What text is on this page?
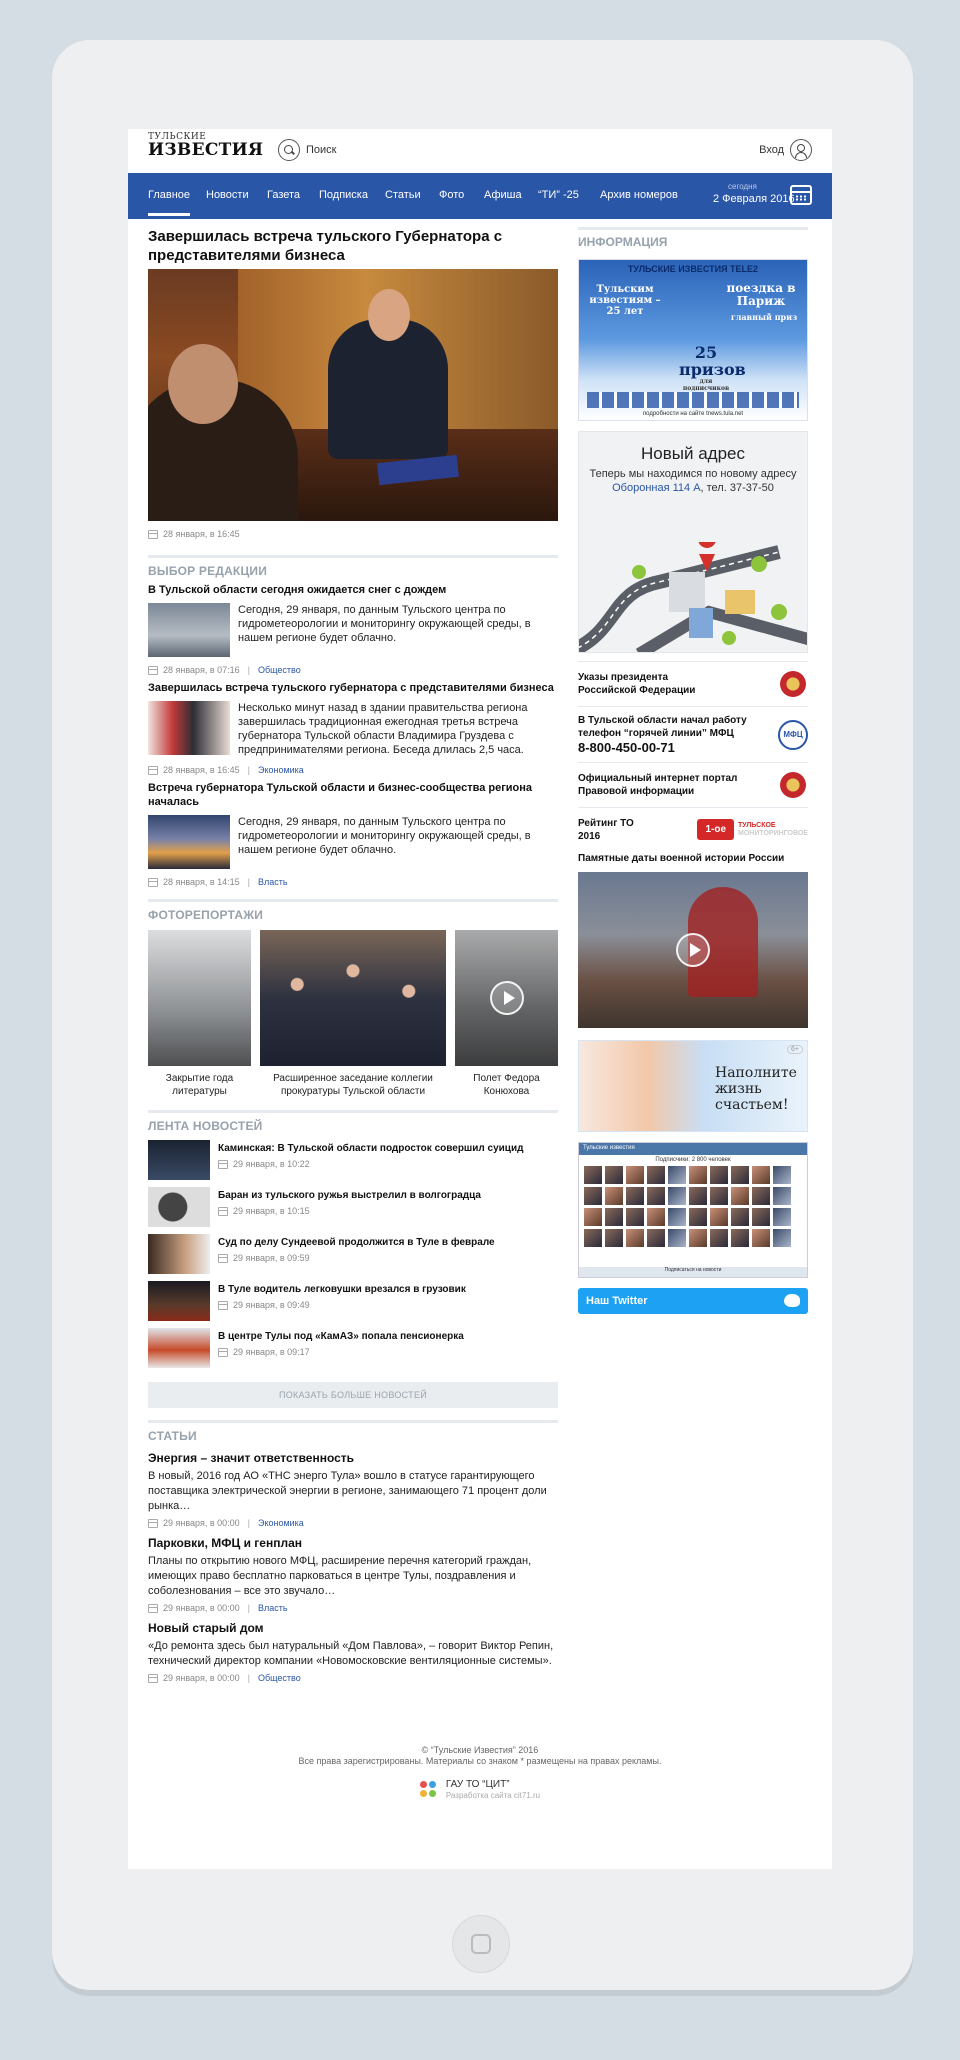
ТУЛЬСКИЕ
ИЗВЕСТИЯ	Поиск	Вход
Главное Новости Газета Подписка Статьи Фото Афиша “ТИ” -25 Архив номеров
сегодня
2 Февраля 2016
Завершилась встреча тульского Губернатора с представителями бизнеса
28 января, в 16:45
ВЫБОР РЕДАКЦИИ
В Тульской области сегодня ожидается снег с дождем
Сегодня, 29 января, по данным Тульского центра по гидрометеорологии и мониторингу окружающей среды, в нашем регионе будет облачно.
28 января, в 07:16 | Общество
Завершилась встреча тульского губернатора с представителями бизнеса
Несколько минут назад в здании правительства региона завершилась традиционная ежегодная третья встреча губернатора Тульской области Владимира Груздева с предпринимателями региона. Беседа длилась 2,5 часа.
28 января, в 16:45 | Экономика
Встреча губернатора Тульской области и бизнес-сообщества региона началась
Сегодня, 29 января, по данным Тульского центра по гидрометеорологии и мониторингу окружающей среды, в нашем регионе будет облачно.
28 января, в 14:15 | Власть
ФОТОРЕПОРТАЖИ
Закрытие года литературы
Расширенное заседание коллегии прокуратуры Тульской области
Полет Федора Конюхова
ЛЕНТА НОВОСТЕЙ
Каминская: В Тульской области подросток совершил суицид
29 января, в 10:22
Баран из тульского ружья выстрелил в волгоградца
29 января, в 10:15
Суд по делу Сундеевой продолжится в Туле в феврале
29 января, в 09:59
В Туле водитель легковушки врезался в грузовик
29 января, в 09:49
В центре Тулы под «КамАЗ» попала пенсионерка
29 января, в 09:17
ПОКАЗАТЬ БОЛЬШЕ НОВОСТЕЙ
СТАТЬИ
Энергия – значит ответственность
В новый, 2016 год АО «ТНС энерго Тула» вошло в статусе гарантирующего поставщика электрической энергии в регионе, занимающего 71 процент доли рынка…
29 января, в 00:00 | Экономика
Парковки, МФЦ и генплан
Планы по открытию нового МФЦ, расширение перечня категорий граждан, имеющих право бесплатно парковаться в центре Тулы, поздравления и соболезнования – все это звучало…
29 января, в 00:00 | Власть
Новый старый дом
«До ремонта здесь был натуральный «Дом Павлова», – говорит Виктор Репин, технический директор компании «Новомосковские вентиляционные системы».
29 января, в 00:00 | Общество
ИНФОРМАЦИЯ
ТУЛЬСКИЕ ИЗВЕСТИЯ TELE2
Тульским известиям – 25 лет
поездка в Париж
главный приз
25 призов
для подписчиков
подробности на сайте tnews.tula.net
Новый адрес
Теперь мы находимся по новому адресу
Оборонная 114 А, тел. 37-37-50
Указы президента Российской Федерации
В Тульской области начал работу телефон “горячей линии” МФЦ
8-800-450-00-71
МФЦ
Официальный интернет портал Правовой информации
Рейтинг ТО
2016
1-ое	ТУЛЬСКОЕ
МОНИТОРИНГОВОЕ
Памятные даты военной истории России
Наполните жизнь счастьем!
6+
Тульские известия
Подписчики: 2 800 человек
Подписаться на новости
Наш Twitter
© “Тульские Известия” 2016
Все права зарегистрированы. Материалы со знаком * размещены на правах рекламы.
ГАУ ТО “ЦИТ”
Разработка сайта cit71.ru
